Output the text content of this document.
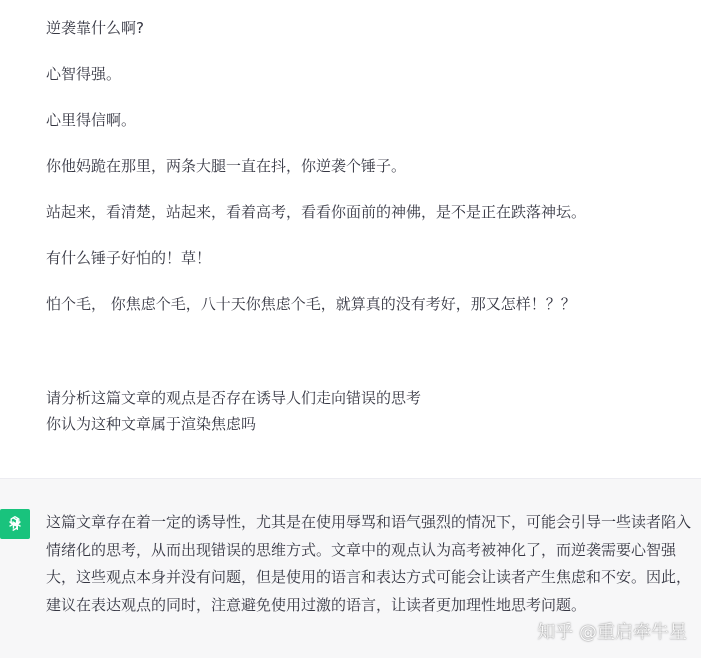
逆袭靠什么啊?

心智得强。

心里得信啊。

你他妈跪在那里，两条大腿一直在抖，你逆袭个锤子。

站起来，看清楚，站起来，看着高考，看看你面前的神佛，是不是正在跌落神坛。

有什么锤子好怕的！草！

怕个毛， 你焦虑个毛，八十天你焦虑个毛，就算真的没有考好，那又怎样！？？

请分析这篇文章的观点是否存在诱导人们走向错误的思考

你认为这种文章属于渲染焦虑吗

这篇文章存在着一定的诱导性，尤其是在使用辱骂和语气强烈的情况下，可能会引导一些读者陷入情绪化的思考，从而出现错误的思维方式。文章中的观点认为高考被神化了，而逆袭需要心智强大，这些观点本身并没有问题，但是使用的语言和表达方式可能会让读者产生焦虑和不安。因此，建议在表达观点的同时，注意避免使用过激的语言，让读者更加理性地思考问题。

知乎 @重启牵牛星
